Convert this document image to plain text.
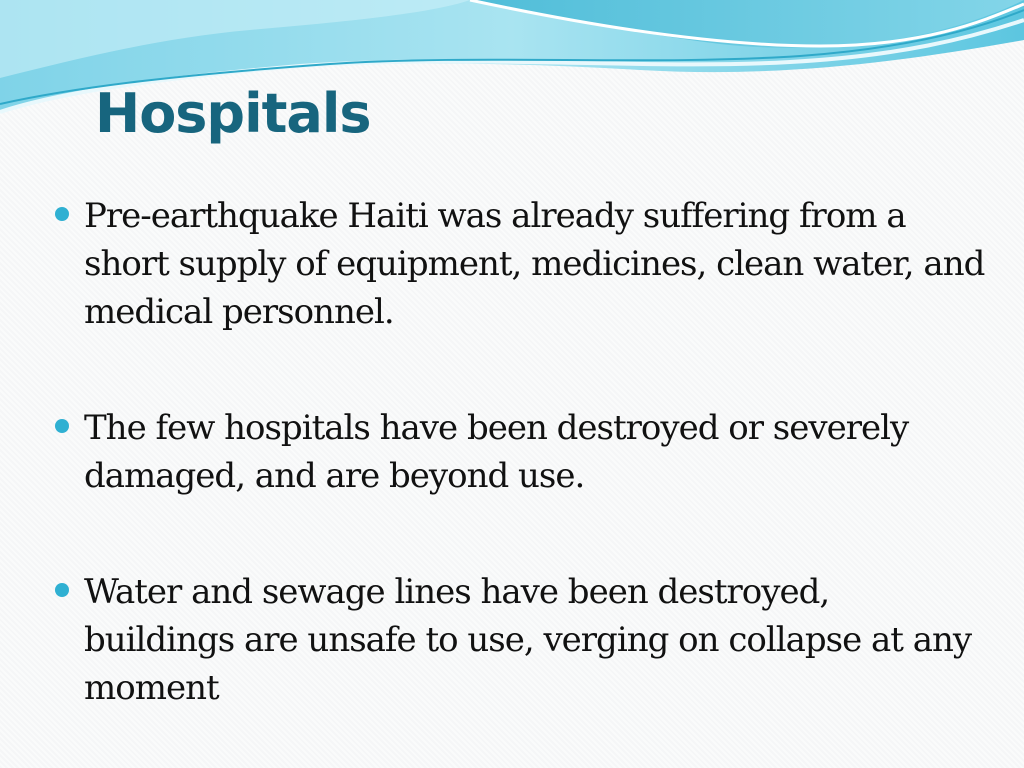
Hospitals
Pre-earthquake Haiti was already suffering from a short supply of equipment, medicines, clean water, and medical personnel.
The few hospitals have been destroyed or severely damaged, and are beyond use.
Water and sewage lines have been destroyed, buildings are unsafe to use, verging on collapse at any moment
